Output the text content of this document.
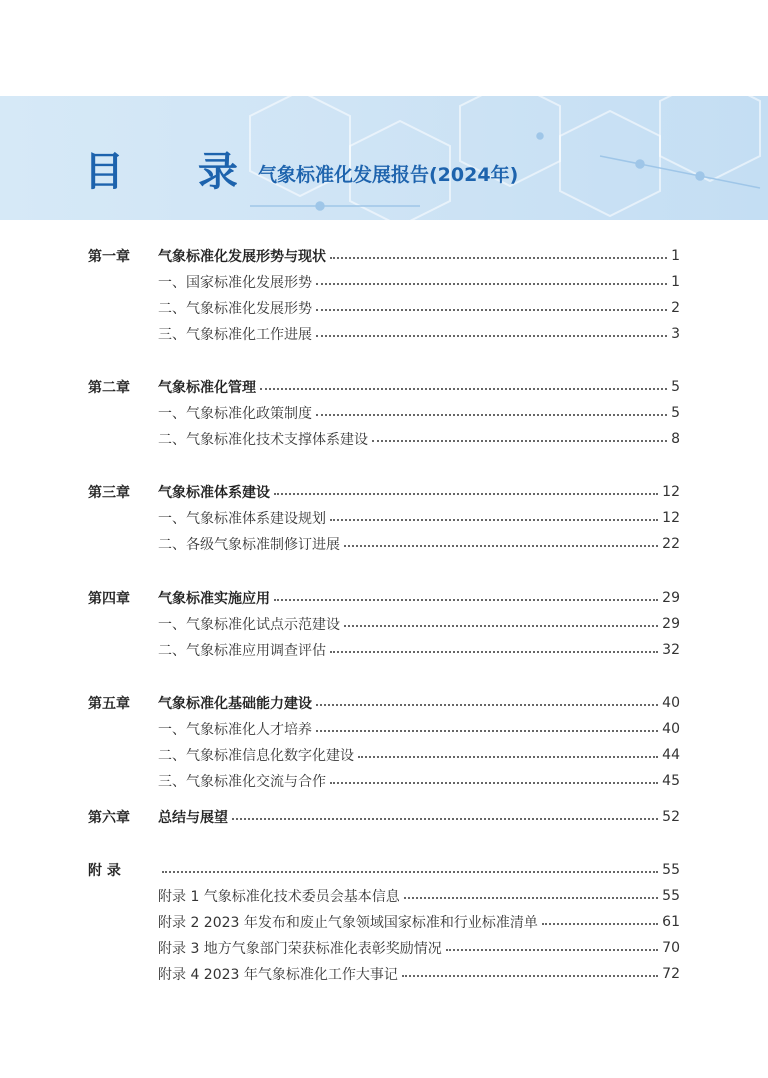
目 录
气象标准化发展报告(2024年)
第一章	气象标准化发展形势与现状	1
一、国家标准化发展形势	1
二、气象标准化发展形势	2
三、气象标准化工作进展	3
第二章	气象标准化管理	5
一、气象标准化政策制度	5
二、气象标准化技术支撑体系建设	8
第三章	气象标准体系建设	12
一、气象标准体系建设规划	12
二、各级气象标准制修订进展	22
第四章	气象标准实施应用	29
一、气象标准化试点示范建设	29
二、气象标准应用调查评估	32
第五章	气象标准化基础能力建设	40
一、气象标准化人才培养	40
二、气象标准信息化数字化建设	44
三、气象标准化交流与合作	45
第六章	总结与展望	52
附 录	55
附录 1 气象标准化技术委员会基本信息	55
附录 2 2023 年发布和废止气象领域国家标准和行业标准清单	61
附录 3 地方气象部门荣获标准化表彰奖励情况	70
附录 4 2023 年气象标准化工作大事记	72
